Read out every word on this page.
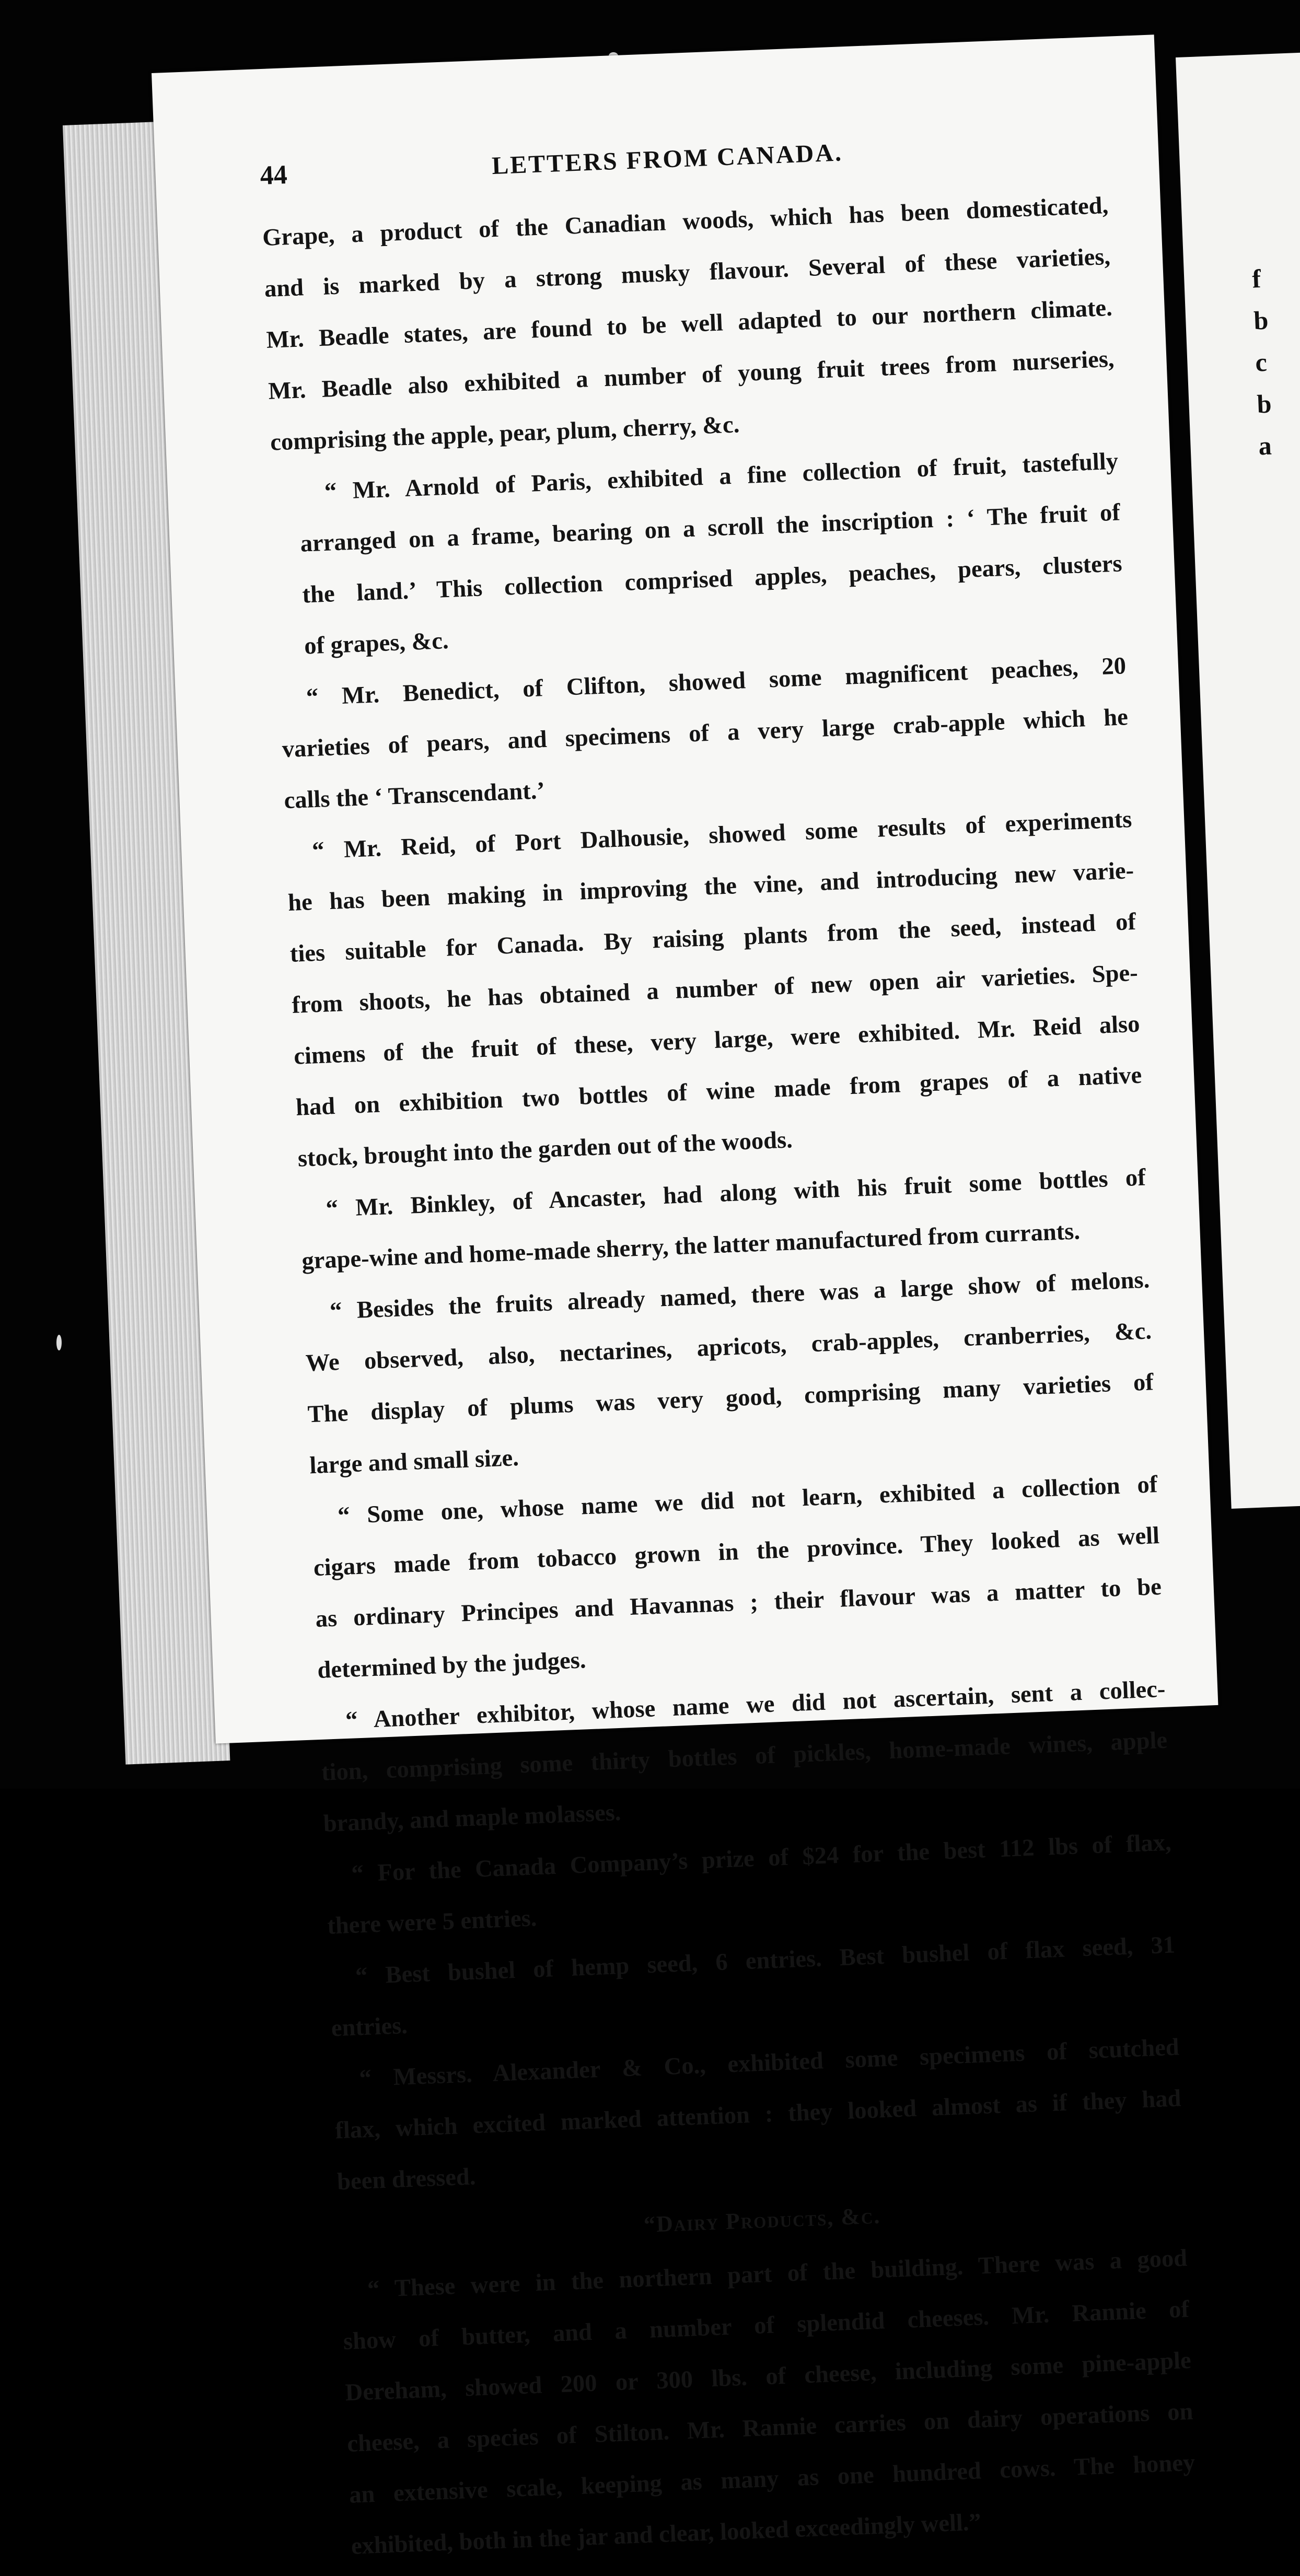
f
b
c
b
a
44	LETTERS FROM CANADA.

Grape, a product of the Canadian woods, which has been domesticated,
and is marked by a strong musky flavour. Several of these varieties,
Mr. Beadle states, are found to be well adapted to our northern climate.
Mr. Beadle also exhibited a number of young fruit trees from nurseries,
comprising the apple, pear, plum, cherry, &c.

“ Mr. Arnold of Paris, exhibited a fine collection of fruit, tastefully
arranged on a frame, bearing on a scroll the inscription : ‘ The fruit of
the land.’ This collection comprised apples, peaches, pears, clusters
of grapes, &c.

“ Mr. Benedict, of Clifton, showed some magnificent peaches, 20
varieties of pears, and specimens of a very large crab-apple which he
calls the ‘ Transcendant.’

“ Mr. Reid, of Port Dalhousie, showed some results of experiments
he has been making in improving the vine, and introducing new varie-
ties suitable for Canada. By raising plants from the seed, instead of
from shoots, he has obtained a number of new open air varieties. Spe-
cimens of the fruit of these, very large, were exhibited. Mr. Reid also
had on exhibition two bottles of wine made from grapes of a native
stock, brought into the garden out of the woods.

“ Mr. Binkley, of Ancaster, had along with his fruit some bottles of
grape-wine and home-made sherry, the latter manufactured from currants.

“ Besides the fruits already named, there was a large show of melons.
We observed, also, nectarines, apricots, crab-apples, cranberries, &c.
The display of plums was very good, comprising many varieties of
large and small size.

“ Some one, whose name we did not learn, exhibited a collection of
cigars made from tobacco grown in the province. They looked as well
as ordinary Principes and Havannas ; their flavour was a matter to be
determined by the judges.

“ Another exhibitor, whose name we did not ascertain, sent a collec-
tion, comprising some thirty bottles of pickles, home-made wines, apple
brandy, and maple molasses.

“ For the Canada Company’s prize of $24 for the best 112 lbs of flax,
there were 5 entries.

“ Best bushel of hemp seed, 6 entries. Best bushel of flax seed, 31
entries.

“ Messrs. Alexander & Co., exhibited some specimens of scutched
flax, which excited marked attention : they looked almost as if they had
been dressed.

“Dairy Products, &c.

“ These were in the northern part of the building. There was a good
show of butter, and a number of splendid cheeses. Mr. Rannie of
Dereham, showed 200 or 300 lbs. of cheese, including some pine-apple
cheese, a species of Stilton. Mr. Rannie carries on dairy operations on
an extensive scale, keeping as many as one hundred cows. The honey
exhibited, both in the jar and clear, looked exceedingly well.”
